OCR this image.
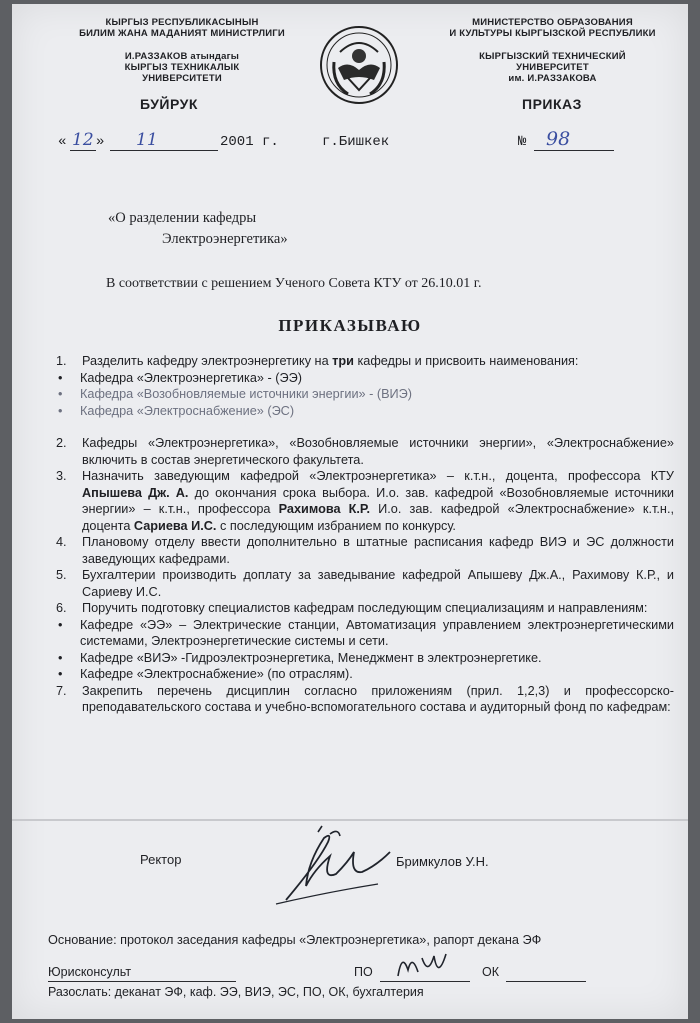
КЫРГЫЗ РЕСПУБЛИКАСЫНЫН
БИЛИМ ЖАНА МАДАНИЯТ МИНИСТРЛИГИ
И.РАЗЗАКОВ атындагы
КЫРГЫЗ ТЕХНИКАЛЫК
УНИВЕРСИТЕТИ
МИНИСТЕРСТВО ОБРАЗОВАНИЯ
И КУЛЬТУРЫ КЫРГЫЗСКОЙ РЕСПУБЛИКИ
КЫРГЫЗСКИЙ ТЕХНИЧЕСКИЙ
УНИВЕРСИТЕТ
им. И.РАЗЗАКОВА
БУЙРУК	ПРИКАЗ
« 12 » 11	2001 г.	г.Бишкек	№ 98
«О разделении кафедры
Электроэнергетика»
В соответствии с решением Ученого Совета КТУ от 26.10.01 г.
ПРИКАЗЫВАЮ
1.	Разделить кафедру электроэнергетику на три кафедры и присвоить наименования:
•	Кафедра «Электроэнергетика» - (ЭЭ)
•	Кафедра «Возобновляемые источники энергии» - (ВИЭ)
•	Кафедра «Электроснабжение» (ЭС)
2.	Кафедры «Электроэнергетика», «Возобновляемые источники энергии», «Электроснабжение» включить в состав энергетического факультета.
3.	Назначить заведующим кафедрой «Электроэнергетика» – к.т.н., доцента, профессора КТУ Апышева Дж. А. до окончания срока выбора. И.о. зав. кафедрой «Возобновляемые источники энергии» – к.т.н., профессора Рахимова К.Р. И.о. зав. кафедрой «Электроснабжение» к.т.н., доцента Сариева И.С. с последующим избранием по конкурсу.
4.	Плановому отделу ввести дополнительно в штатные расписания кафедр ВИЭ и ЭС должности заведующих кафедрами.
5.	Бухгалтерии производить доплату за заведывание кафедрой Апышеву Дж.А., Рахимову К.Р., и Сариеву И.С.
6.	Поручить подготовку специалистов кафедрам последующим специализациям и направлениям:
•	Кафедре «ЭЭ» – Электрические станции, Автоматизация управлением электроэнергетическими системами, Электроэнергетические системы и сети.
•	Кафедре «ВИЭ» -Гидроэлектроэнергетика, Менеджмент в электроэнергетике.
•	Кафедре «Электроснабжение» (по отраслям).
7.	Закрепить перечень дисциплин согласно приложениям (прил. 1,2,3) и профессорско-преподавательского состава и учебно-вспомогательного состава и аудиторный фонд по кафедрам:
Ректор	Бримкулов У.Н.
Основание: протокол заседания кафедры «Электроэнергетика», рапорт декана ЭФ
Юрисконсульт	ПО	ОК
Разослать: деканат ЭФ, каф. ЭЭ, ВИЭ, ЭС, ПО, ОК, бухгалтерия
